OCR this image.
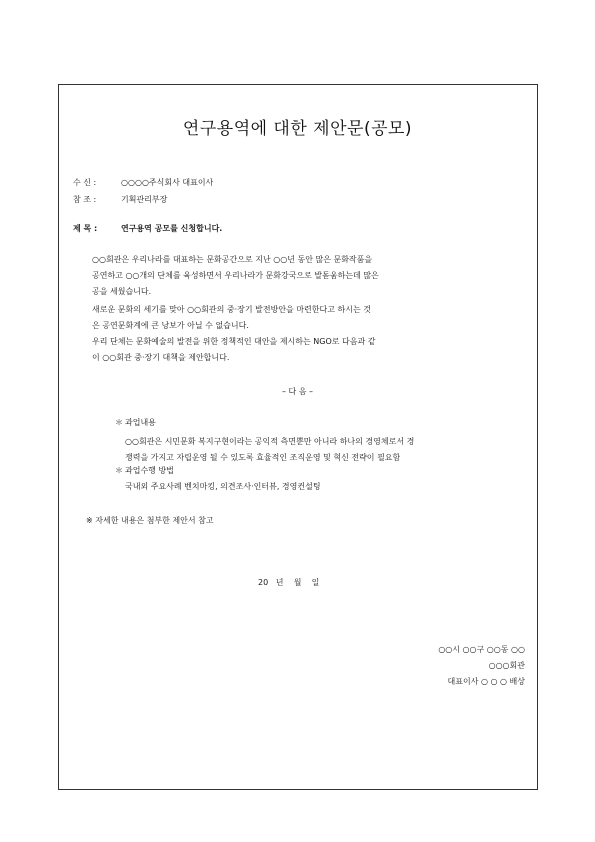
연구용역에 대한 제안문(공모)
수 신 :	○○○○주식회사 대표이사
참 조 :	기획관리부장
제 목 :	연구용역 공모를 신청합니다.
○○회관은 우리나라를 대표하는 문화공간으로 지난 ○○년 동안 많은 문화작품을
공연하고 ○○개의 단체를 육성하면서 우리나라가 문화강국으로 발돋움하는데 많은
공을 세웠습니다.
새로운 문화의 세기를 맞아 ○○회관의 중·장기 발전방안을 마련한다고 하시는 것
은 공연문화계에 큰 낭보가 아닐 수 없습니다.
우리 단체는 문화예술의 발전을 위한 정책적인 대안을 제시하는 NGO로 다음과 같
이 ○○회관 중·장기 대책을 제안합니다.
– 다 음 –
＊ 과업내용
○○회관은 시민문화 복지구현이라는 공익적 측면뿐만 아니라 하나의 경영체로서 경
쟁력을 가지고 자립운영 될 수 있도록 효율적인 조직운영 및 혁신 전략이 필요함
＊ 과업수행 방법
국내외 주요사례 벤치마킹, 의견조사·인터뷰, 경영컨설팅
※ 자세한 내용은 첨부한 제안서 참고
20   년    월    일
○○시 ○○구 ○○동 ○○
○○○회관
대표이사 ○ ○ ○ 배상
